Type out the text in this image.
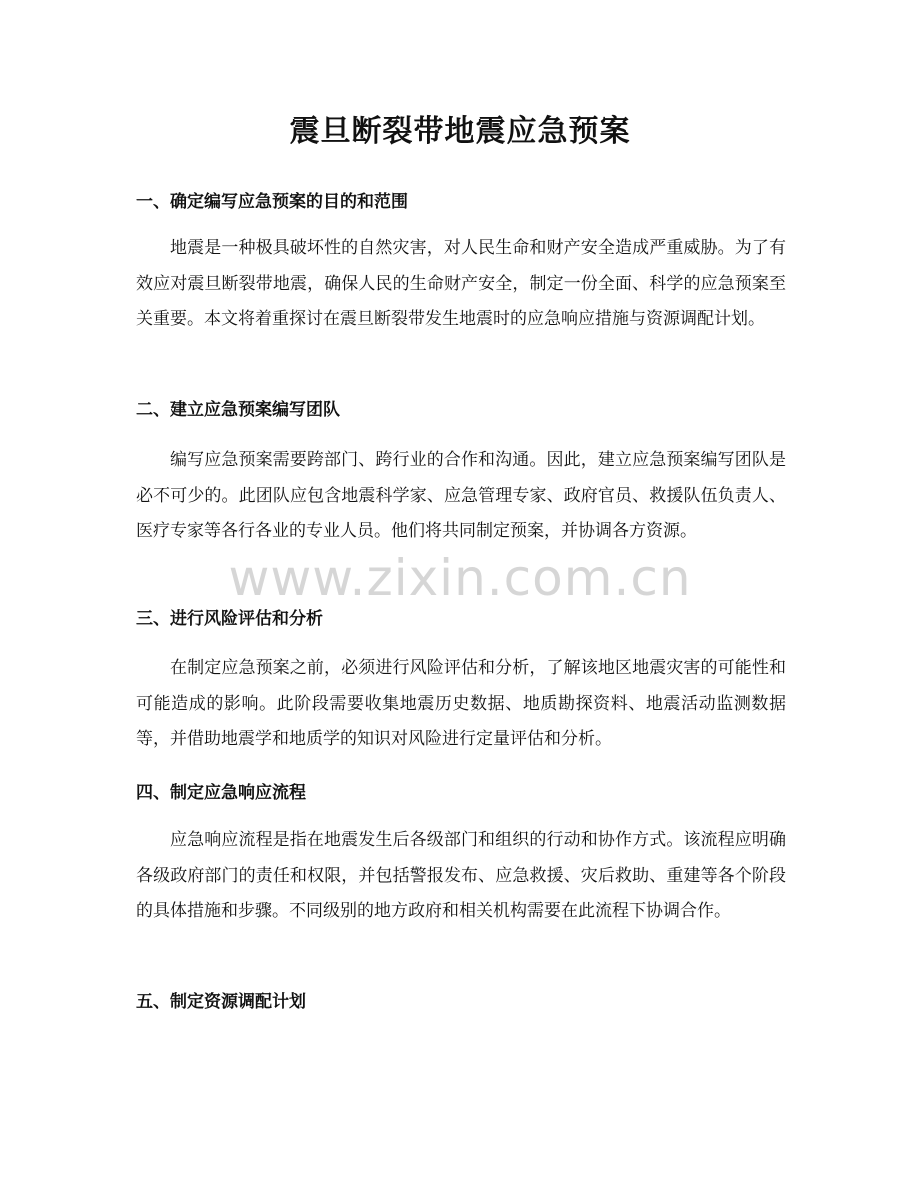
震旦断裂带地震应急预案
一、确定编写应急预案的目的和范围

地震是一种极具破坏性的自然灾害，对人民生命和财产安全造成严重威胁。为了有效应对震旦断裂带地震，确保人民的生命财产安全，制定一份全面、科学的应急预案至关重要。本文将着重探讨在震旦断裂带发生地震时的应急响应措施与资源调配计划。

二、建立应急预案编写团队

编写应急预案需要跨部门、跨行业的合作和沟通。因此，建立应急预案编写团队是必不可少的。此团队应包含地震科学家、应急管理专家、政府官员、救援队伍负责人、医疗专家等各行各业的专业人员。他们将共同制定预案，并协调各方资源。

三、进行风险评估和分析

在制定应急预案之前，必须进行风险评估和分析，了解该地区地震灾害的可能性和可能造成的影响。此阶段需要收集地震历史数据、地质勘探资料、地震活动监测数据等，并借助地震学和地质学的知识对风险进行定量评估和分析。

四、制定应急响应流程

应急响应流程是指在地震发生后各级部门和组织的行动和协作方式。该流程应明确各级政府部门的责任和权限，并包括警报发布、应急救援、灾后救助、重建等各个阶段的具体措施和步骤。不同级别的地方政府和相关机构需要在此流程下协调合作。

五、制定资源调配计划
www.zixin.com.cn
